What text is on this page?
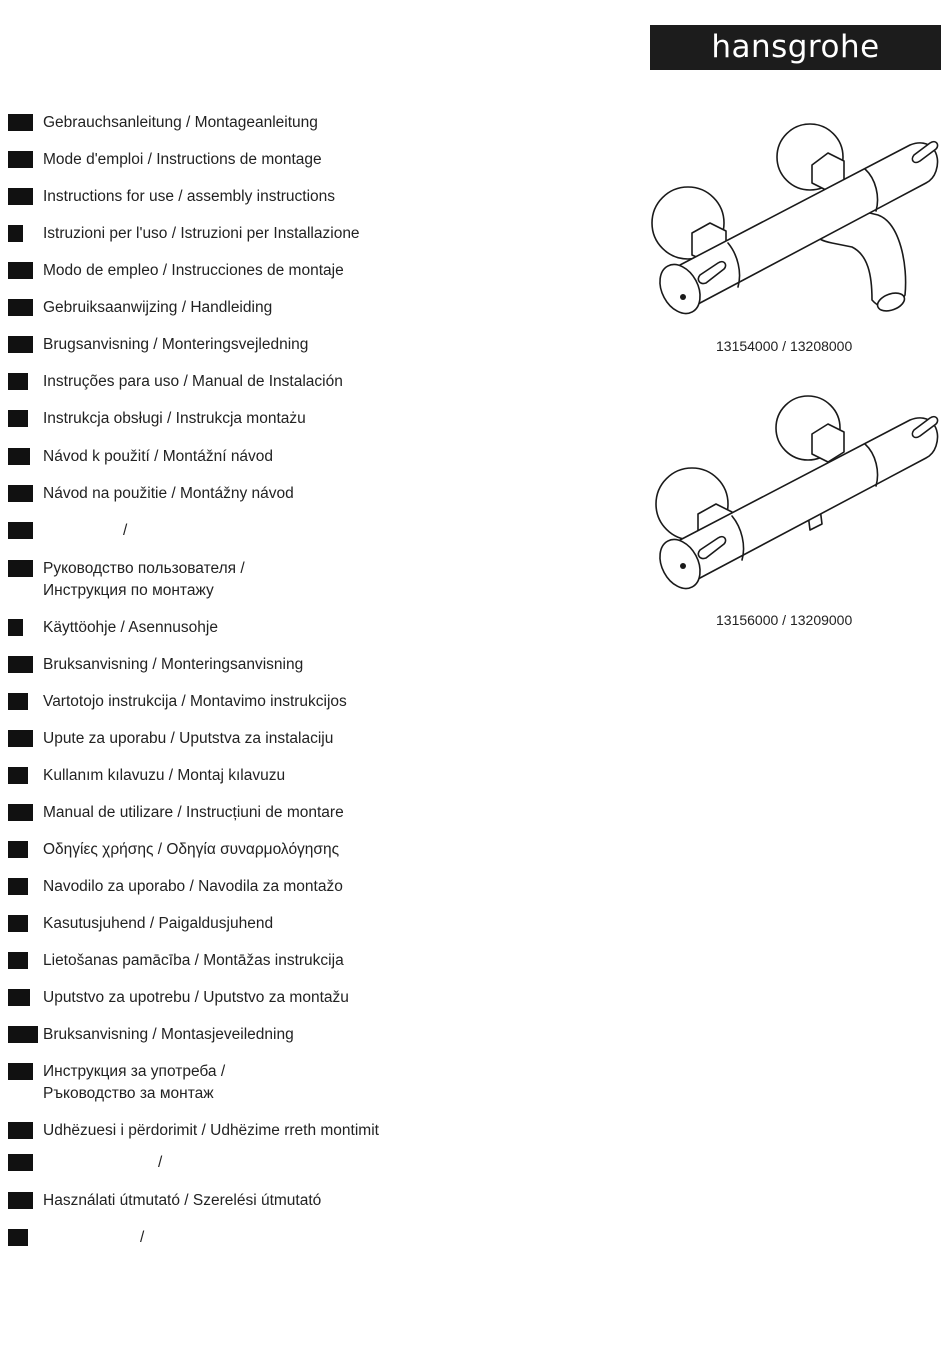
hansgrohe
Gebrauchsanleitung / Montageanleitung
Mode d'emploi / Instructions de montage
Instructions for use / assembly instructions
Istruzioni per l'uso / Istruzioni per Installazione
Modo de empleo / Instrucciones de montaje
Gebruiksaanwijzing / Handleiding
Brugsanvisning / Monteringsvejledning
Instruções para uso / Manual de Instalación
Instrukcja obsługi / Instrukcja montażu
Návod k použití / Montážní návod
Návod na použitie / Montážny návod
/
Руководство пользователя /
Инструкция по монтажу
Käyttöohje / Asennusohje
Bruksanvisning / Monteringsanvisning
Vartotojo instrukcija / Montavimo instrukcijos
Upute za uporabu / Uputstva za instalaciju
Kullanım kılavuzu / Montaj kılavuzu
Manual de utilizare / Instrucțiuni de montare
Οδηγίες χρήσης / Οδηγία συναρμολόγησης
Navodilo za uporabo / Navodila za montažo
Kasutusjuhend / Paigaldusjuhend
Lietošanas pamācība / Montāžas instrukcija
Uputstvo za upotrebu / Uputstvo za montažu
Bruksanvisning / Montasjeveiledning
Инструкция за употреба /
Ръководство за монтаж
Udhëzuesi i përdorimit / Udhëzime rreth montimit
/
Használati útmutató / Szerelési útmutató
/
13154000 / 13208000
13156000 / 13209000
